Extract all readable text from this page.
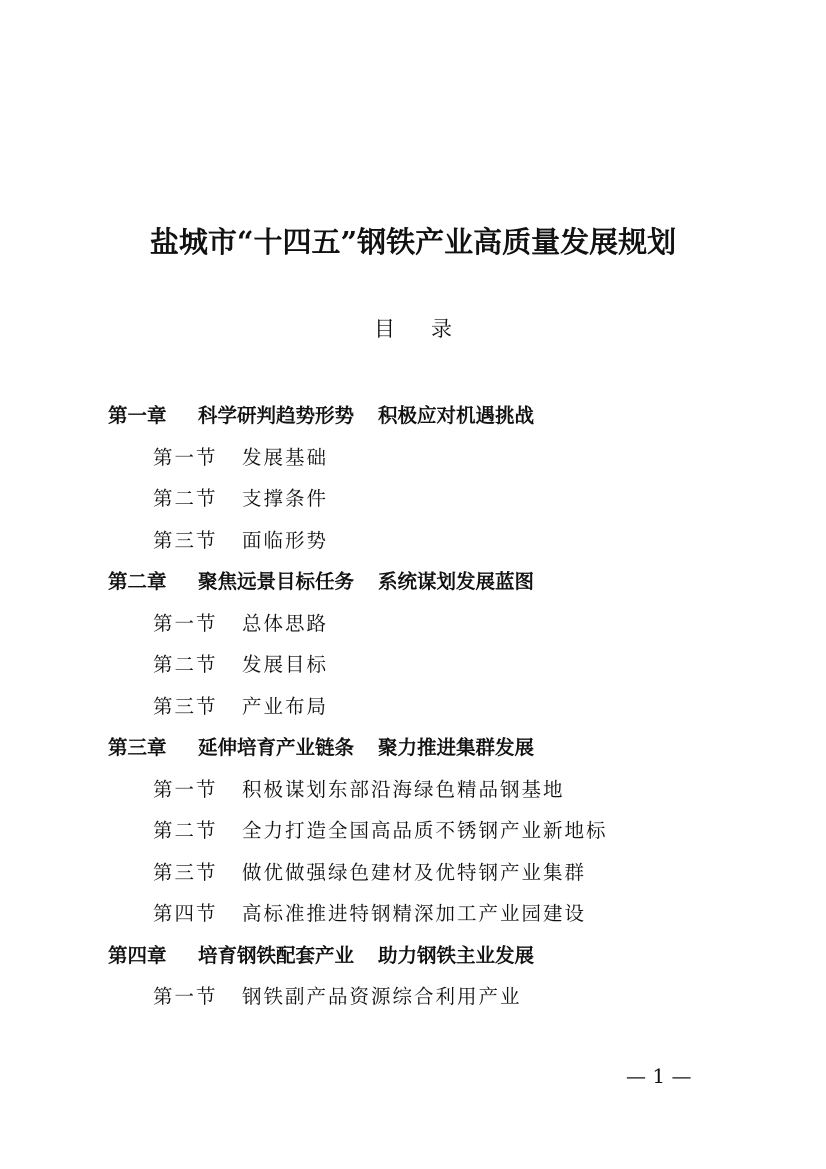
盐城市“十四五”钢铁产业高质量发展规划
目 录
第一章 科学研判趋势形势 积极应对机遇挑战
第一节 发展基础
第二节 支撑条件
第三节 面临形势
第二章 聚焦远景目标任务 系统谋划发展蓝图
第一节 总体思路
第二节 发展目标
第三节 产业布局
第三章 延伸培育产业链条 聚力推进集群发展
第一节 积极谋划东部沿海绿色精品钢基地
第二节 全力打造全国高品质不锈钢产业新地标
第三节 做优做强绿色建材及优特钢产业集群
第四节 高标准推进特钢精深加工产业园建设
第四章 培育钢铁配套产业 助力钢铁主业发展
第一节 钢铁副产品资源综合利用产业
— 1 —
